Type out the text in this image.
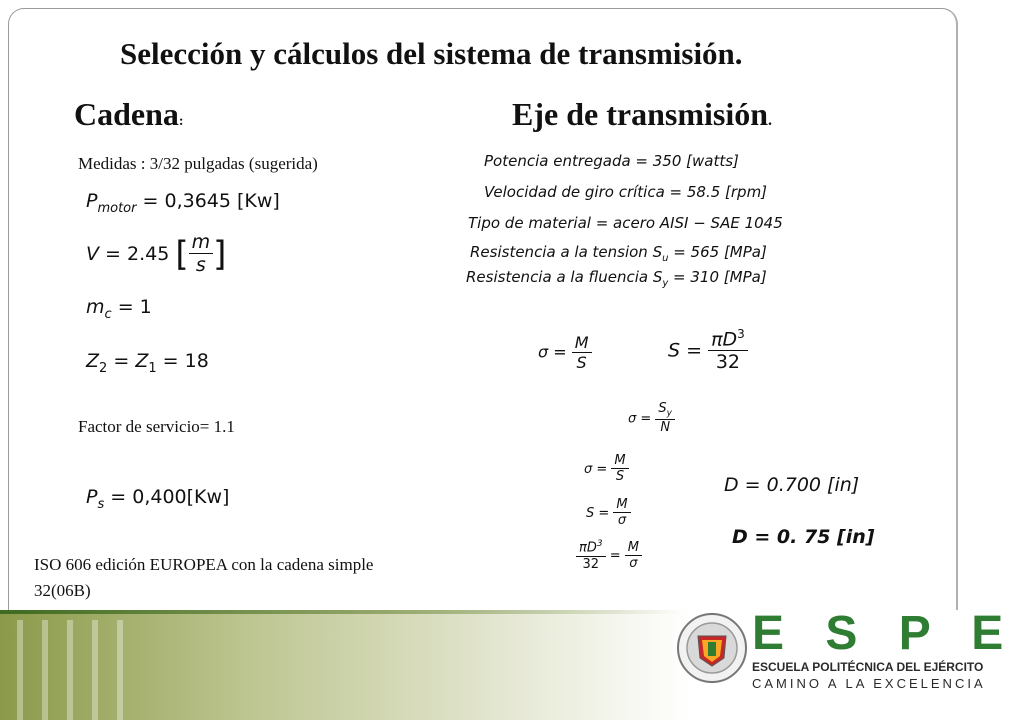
Selección y cálculos del sistema de transmisión.
Cadena:	Eje de transmisión.
Medidas : 3/32 pulgadas (sugerida)
$P_{motor} = 0,3645$ [Kw]
V = 2.45 [ $\frac{m}{s}$ ]
$m_c = 1$
$Z_2 = Z_1 = 18$
Factor de servicio= 1.1
$P_s = 0,400[Kw]$
ISO 606 edición EUROPEA con la cadena simple
32(06B)
Potencia entregada = 350 [watts]
Velocidad de giro crítica = 58.5 [rpm]
Tipo de material = acero AISI − SAE 1045
Resistencia a la tension $S_u = 565$ [MPa]
Resistencia a la fluencia $S_y = 310$ [MPa]
$\sigma = \frac{M}{S}$	$S = \frac{\pi D^3}{32}$
$\sigma = \frac{S_y}{N}$
$\sigma = \frac{M}{S}$
$S = \frac{M}{\sigma}$
$\frac{\pi D^3}{32} = \frac{M}{\sigma}$
D = 0.700 [in]
D = 0. 75 [in]
E S P E
ESCUELA POLITÉCNICA DEL EJÉRCITO
CAMINO A LA EXCELENCIA
